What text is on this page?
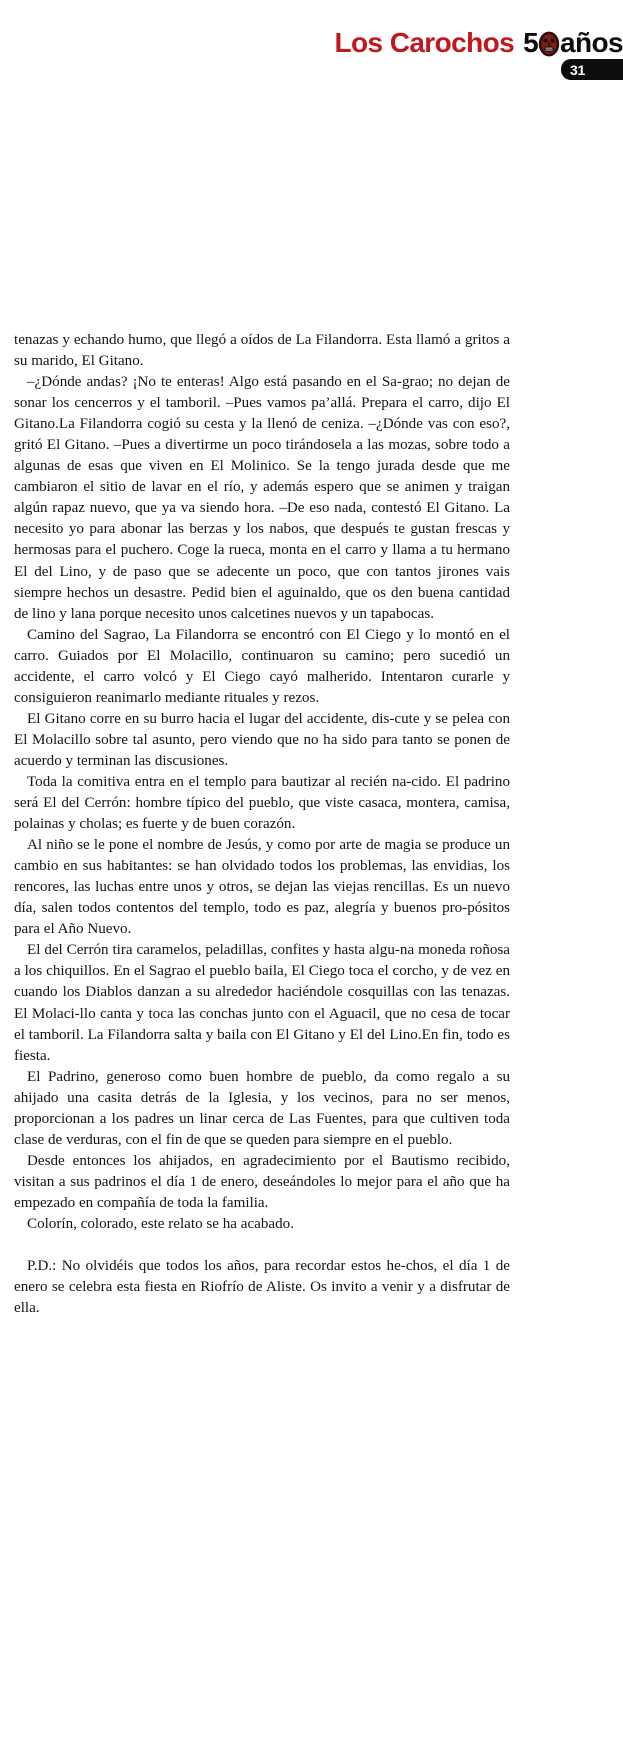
Los Carochos 5 años
31

tenazas y echando humo, que llegó a oídos de La Filandorra. Esta llamó a gritos a su marido, El Gitano.

–¿Dónde andas? ¡No te enteras! Algo está pasando en el Sa-grao; no dejan de sonar los cencerros y el tamboril. –Pues vamos pa’allá. Prepara el carro, dijo El Gitano.La Filandorra cogió su cesta y la llenó de ceniza. –¿Dónde vas con eso?, gritó El Gitano. –Pues a divertirme un poco tirándosela a las mozas, sobre todo a algunas de esas que viven en El Molinico. Se la tengo jurada desde que me cambiaron el sitio de lavar en el río, y además espero que se animen y traigan algún rapaz nuevo, que ya va siendo hora. –De eso nada, contestó El Gitano. La necesito yo para abonar las berzas y los nabos, que después te gustan frescas y hermosas para el puchero. Coge la rueca, monta en el carro y llama a tu hermano El del Lino, y de paso que se adecente un poco, que con tantos jirones vais siempre hechos un desastre. Pedid bien el aguinaldo, que os den buena cantidad de lino y lana porque necesito unos calcetines nuevos y un tapabocas.

Camino del Sagrao, La Filandorra se encontró con El Ciego y lo montó en el carro. Guiados por El Molacillo, continuaron su camino; pero sucedió un accidente, el carro volcó y El Ciego cayó malherido. Intentaron curarle y consiguieron reanimarlo mediante rituales y rezos.

El Gitano corre en su burro hacia el lugar del accidente, dis-cute y se pelea con El Molacillo sobre tal asunto, pero viendo que no ha sido para tanto se ponen de acuerdo y terminan las discusiones.

Toda la comitiva entra en el templo para bautizar al recién na-cido. El padrino será El del Cerrón: hombre típico del pueblo, que viste casaca, montera, camisa, polainas y cholas; es fuerte y de buen corazón.

Al niño se le pone el nombre de Jesús, y como por arte de magia se produce un cambio en sus habitantes: se han olvidado todos los problemas, las envidias, los rencores, las luchas entre unos y otros, se dejan las viejas rencillas. Es un nuevo día, salen todos contentos del templo, todo es paz, alegría y buenos pro-pósitos para el Año Nuevo.

El del Cerrón tira caramelos, peladillas, confites y hasta algu-na moneda roñosa a los chiquillos. En el Sagrao el pueblo baila, El Ciego toca el corcho, y de vez en cuando los Diablos danzan a su alrededor haciéndole cosquillas con las tenazas. El Molaci-llo canta y toca las conchas junto con el Aguacil, que no cesa de tocar el tamboril. La Filandorra salta y baila con El Gitano y El del Lino.En fin, todo es fiesta.

El Padrino, generoso como buen hombre de pueblo, da como regalo a su ahijado una casita detrás de la Iglesia, y los vecinos, para no ser menos, proporcionan a los padres un linar cerca de Las Fuentes, para que cultiven toda clase de verduras, con el fin de que se queden para siempre en el pueblo.

Desde entonces los ahijados, en agradecimiento por el Bautismo recibido, visitan a sus padrinos el día 1 de enero, deseándoles lo mejor para el año que ha empezado en compañía de toda la familia.

Colorín, colorado, este relato se ha acabado.

P.D.: No olvidéis que todos los años, para recordar estos he-chos, el día 1 de enero se celebra esta fiesta en Riofrío de Aliste. Os invito a venir y a disfrutar de ella.
